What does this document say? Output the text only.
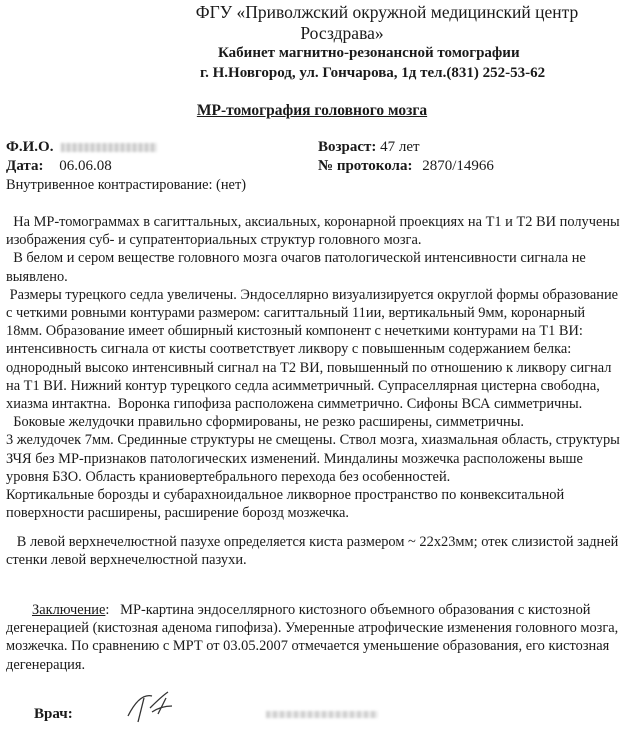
ФГУ «Приволжский окружной медицинский центр
Росздрава»
Кабинет магнитно-резонансной томографии
г. Н.Новгород, ул. Гончарова, 1д тел.(831) 252-53-62
МР-томография головного мозга
Ф.И.О.	Возраст: 47 лет
Дата: 06.06.08	№ протокола: 2870/14966
Внутривенное контрастирование: (нет)

На МР-томограммах в сагиттальных, аксиальных, коронарной проекциях на Т1 и Т2 ВИ получены изображения суб- и супратенториальных структур головного мозга.

В белом и сером веществе головного мозга очагов патологической интенсивности сигнала не выявлено.

Размеры турецкого седла увеличены. Эндоселлярно визуализируется округлой формы образование с четкими ровными контурами размером: сагиттальный 11ии, вертикальный 9мм, коронарный 18мм. Образование имеет обширный кистозный компонент с нечеткими контурами на Т1 ВИ: интенсивность сигнала от кисты соответствует ликвору с повышенным содержанием белка: однородный высоко интенсивный сигнал на Т2 ВИ, повышенный по отношению к ликвору сигнал на Т1 ВИ. Нижний контур турецкого седла асимметричный. Супраселлярная цистерна свободна, хиазма интактна.  Воронка гипофиза расположена симметрично. Сифоны ВСА симметричны.

Боковые желудочки правильно сформированы, не резко расширены, симметричны.

3 желудочек 7мм. Срединные структуры не смещены. Ствол мозга, хиазмальная область, структуры ЗЧЯ без МР-признаков патологических изменений. Миндалины мозжечка расположены выше уровня БЗО. Область краниовертебрального перехода без особенностей.

Кортикальные борозды и субарахноидальное ликворное пространство по конвекситальной поверхности расширены, расширение борозд мозжечка.

В левой верхнечелюстной пазухе определяется киста размером ~ 22х23мм; отек слизистой задней стенки левой верхнечелюстной пазухи.

Заключение:   МР-картина эндоселлярного кистозного объемного образования с кистозной дегенерацией (кистозная аденома гипофиза). Умеренные атрофические изменения головного мозга, мозжечка. По сравнению с МРТ от 03.05.2007 отмечается уменьшение образования, его кистозная дегенерация.

Врач:
